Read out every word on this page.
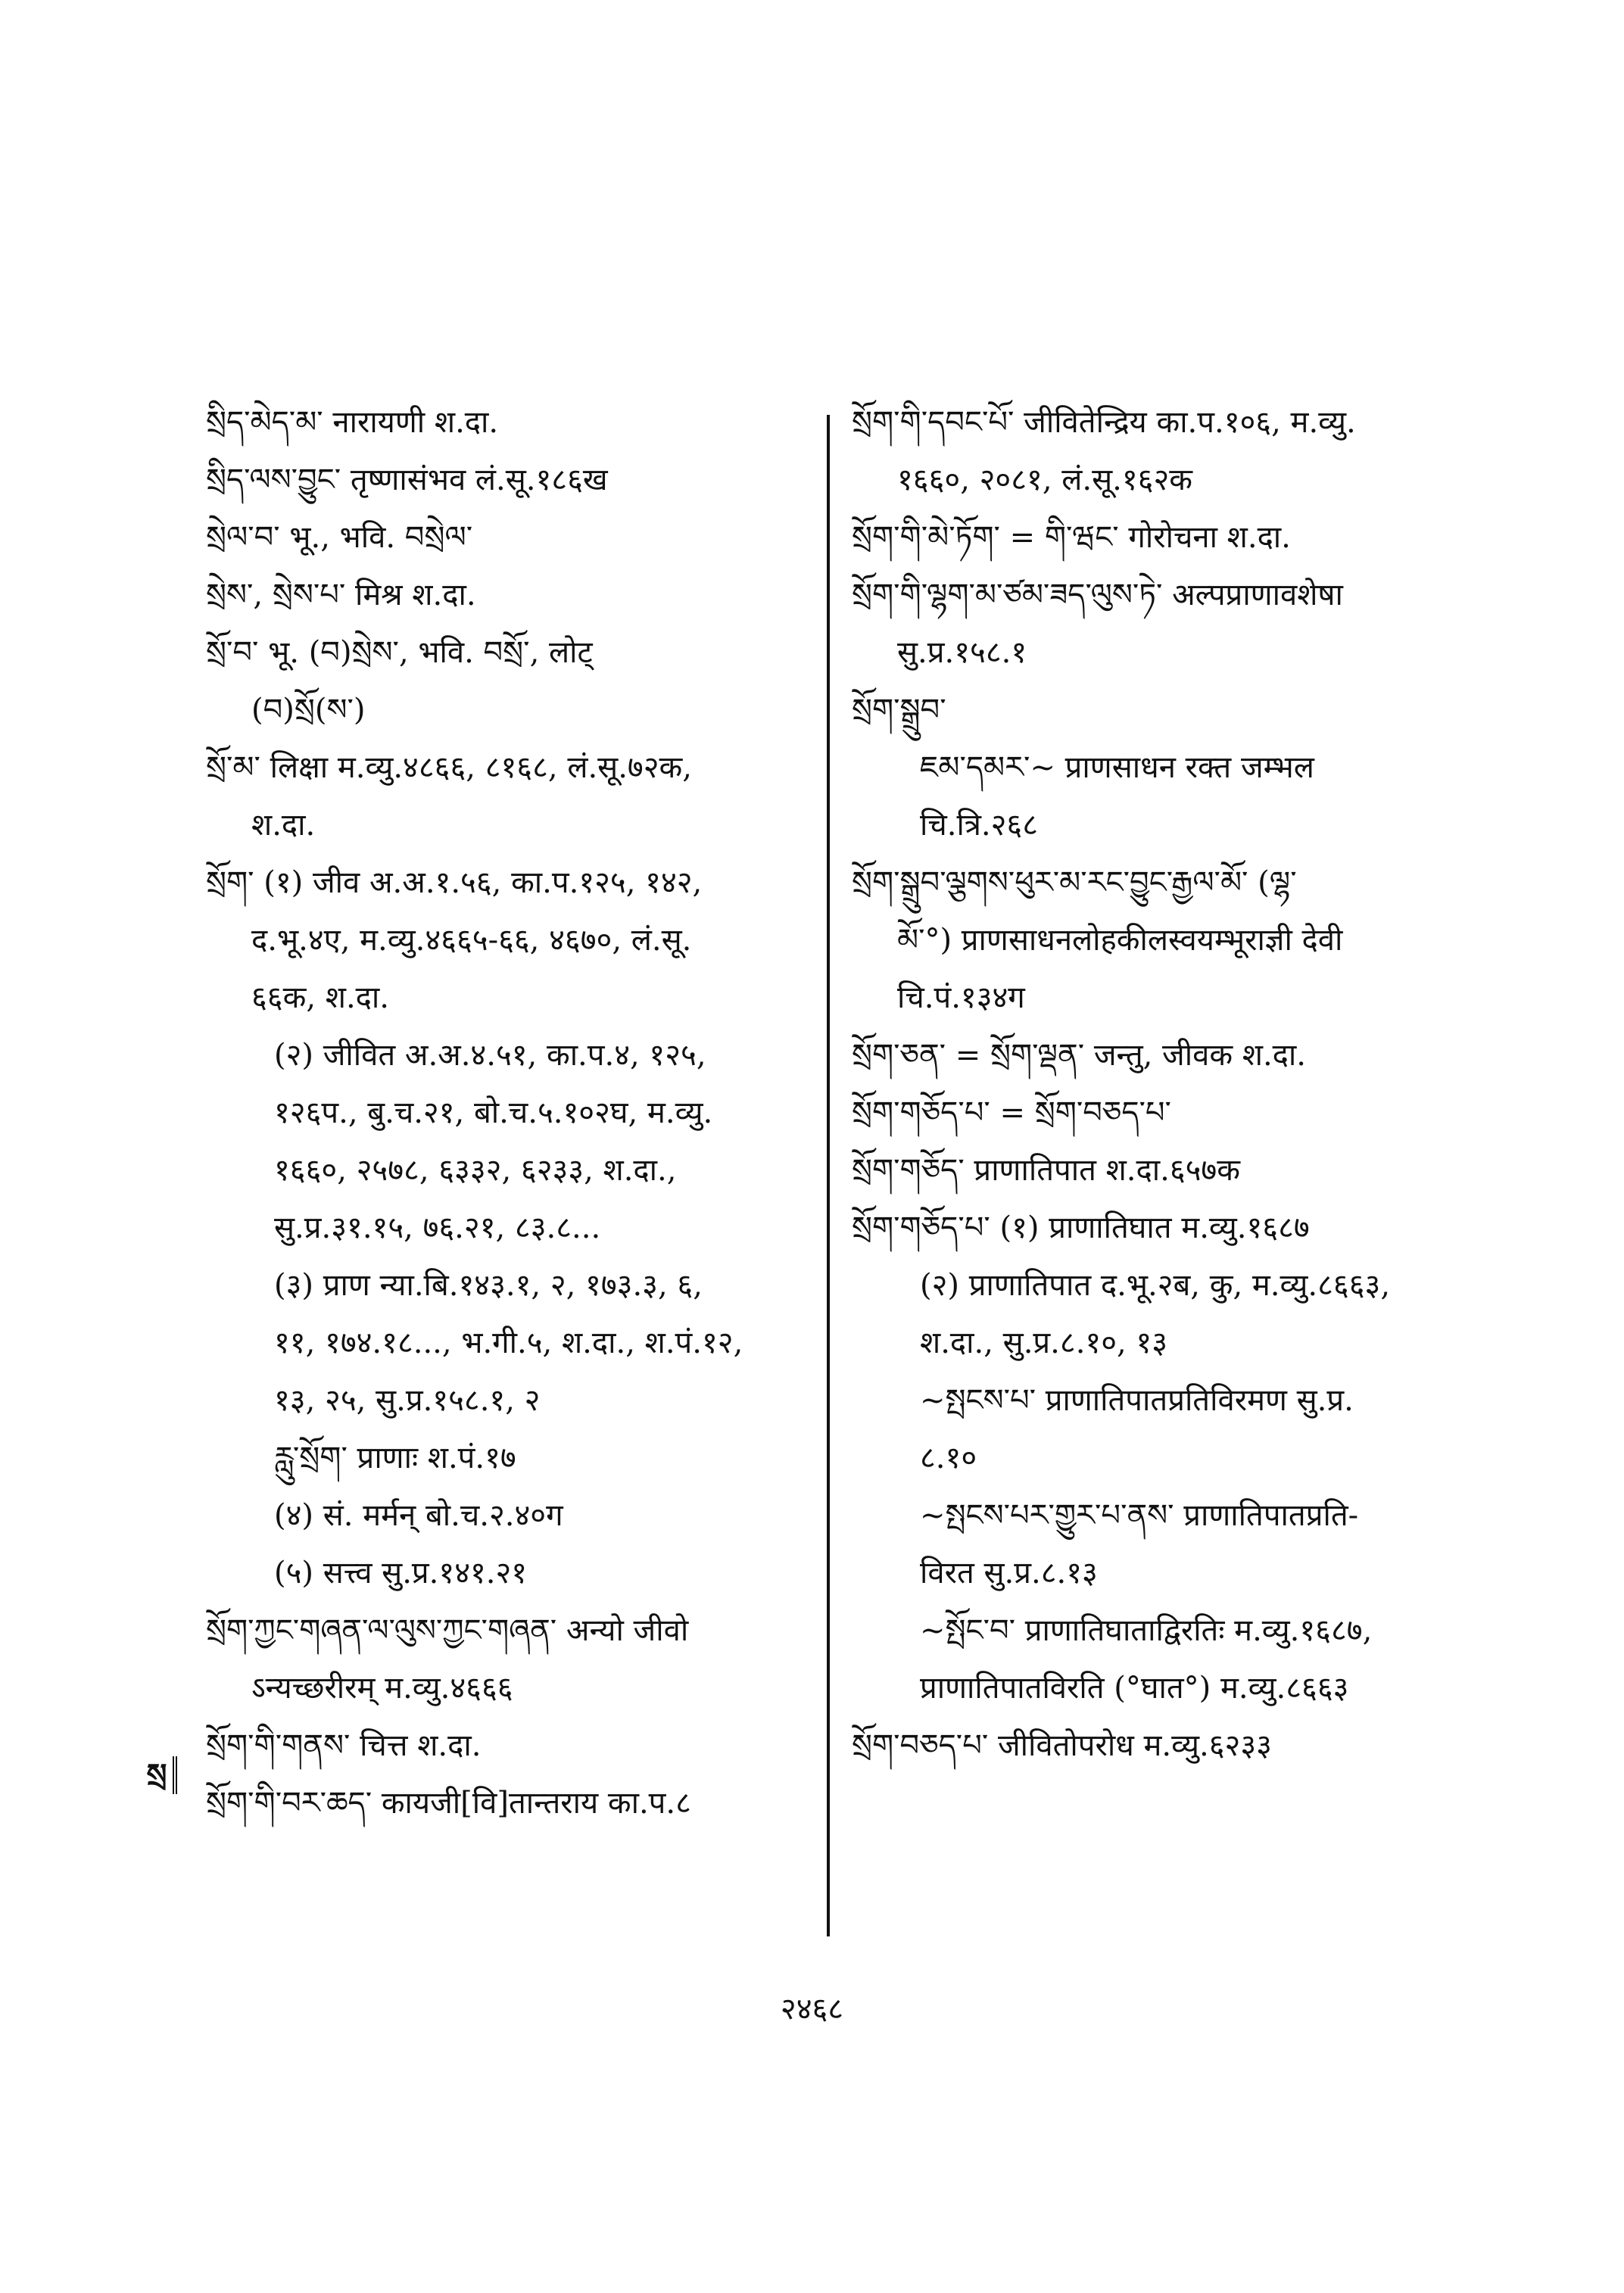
སྲིད་མེད་མ་ नारायणी श.दा.
སྲིད་ལས་བྱུང་ तृष्णासंभव लं.सू.१८६ख
སྲེལ་བ་ भू., भवि. བསྲེལ་
སྲེས་, སྲེས་པ་ मिश्र श.दा.
སྲོ་བ་ भू. (བ)སྲེས་, भवि. བསྲོ་, लोट्
(བ)སྲོ(ས་)
སྲོ་མ་ लिक्षा म.व्यु.४८६६, ८१६८, लं.सू.७२क,
श.दा.
སྲོག་ (१) जीव अ.अ.१.५६, का.प.१२५, १४२,
द.भू.४ए, म.व्यु.४६६५-६६, ४६७०, लं.सू.
६६क, श.दा.
(२) जीवित अ.अ.४.५१, का.प.४, १२५,
१२६प., बु.च.२१, बो.च.५.१०२घ, म.व्यु.
१६६०, २५७८, ६३३२, ६२३३, श.दा.,
सु.प्र.३१.१५, ७६.२१, ८३.८...
(३) प्राण न्या.बि.१४३.१, २, १७३.३, ६,
११, १७४.१८..., भ.गी.५, श.दा., श.पं.१२,
१३, २५, सु.प्र.१५८.१, २
རླུ་སྲོག་ प्राणाः श.पं.१७
(४) सं. मर्मन् बो.च.२.४०ग
(५) सत्त्व सु.प्र.१४१.२१
སྲོག་ཀྱང་གཞན་ལ་ལུས་ཀྱང་གཞན་ अन्यो जीवो
ऽन्यच्छरीरम् म.व्यु.४६६६
སྲོག་གི་གནས་ चित्त श.दा.
སྲོག་གི་བར་ཆད་ कायजी[वि]तान्तराय का.प.८
སྲོག་གི་དབང་པོ་ जीवितेन्द्रिय का.प.१०६, म.व्यु.
१६६०, २०८१, लं.सू.१६२क
སྲོག་གི་མེ་ཏོག་ = གི་ཝང་ गोरोचना श.दा.
སྲོག་གི་ལྷག་མ་ཙམ་ཟད་ལུས་ཏེ་ अल्पप्राणावशेषा
सु.प्र.१५८.१
སྲོག་སྒྲུབ་
ཇམ་དམར་~ प्राणसाधन रक्त जम्भल
चि.त्रि.२६८
སྲོག་སྒྲུབ་ལྕགས་ཕུར་མ་རང་བྱུང་རྒྱལ་མོ་ (ལྷ་
མོ་°) प्राणसाधनलोहकीलस्वयम्भूराज्ञी देवी
चि.पं.१३४ग
སྲོག་ཅན་ = སྲོག་ལྡན་ जन्तु, जीवक श.दा.
སྲོག་གཅོད་པ་ = སྲོག་བཅད་པ་
སྲོག་གཅོད་ प्राणातिपात श.दा.६५७क
སྲོག་གཅོད་པ་ (१) प्राणातिघात म.व्यु.१६८७
(२) प्राणातिपात द.भू.२ब, कु, म.व्यु.८६६३,
श.दा., सु.प्र.८.१०, १३
~སྤངས་པ་ प्राणातिपातप्रतिविरमण सु.प्र.
८.१०
~སྤངས་པར་གྱུར་པ་ནས་ प्राणातिपातप्रति-
विरत सु.प्र.८.१३
~སྤོང་བ་ प्राणातिघाताद्विरतिः म.व्यु.१६८७,
प्राणातिपातविरति (°घात°) म.व्यु.८६६३
སྲོག་བཅད་པ་ जीवितोपरोध म.व्यु.६२३३
སྲ
२४६८
